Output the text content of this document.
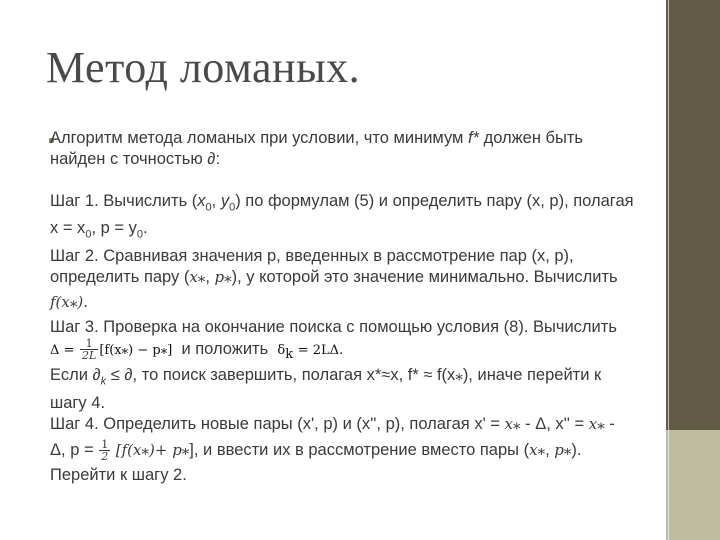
Метод ломаных.

Алгоритм метода ломаных при условии, что минимум f* должен быть

найден с точностью ∂:

Шаг 1. Вычислить ($x_0$, $y_0$) по формулам (5) и определить пару (x, p), полагая

$x = x_0$, $p = y_0$.

Шаг 2. Сравнивая значения p, введенных в рассмотрение пар (x, p),

определить пару ($x_*$, $p_*$), у которой это значение минимально. Вычислить

$f(x_*)$.

Шаг 3. Проверка на окончание поиска с помощью условия (8). Вычислить

$\Delta = \frac{1}{2L} [f(x_*) - p_*]$ и положить $\delta_k = 2L\Delta$.

Если $\partial_k$ ≤ ∂, то поиск завершить, полагая x*≈x, $f* \approx f(x_*)$, иначе перейти к

шагу 4.

Шаг 4. Определить новые пары (x', p) и (x'', p), полагая $x' = x_* - \Delta$, $x'' = x_*$ -

Δ, $p = \frac{1}{2} [f(x_*)+ p_*]$, и ввести их в рассмотрение вместо пары ($x_*$, $p_*$).

Перейти к шагу 2.
